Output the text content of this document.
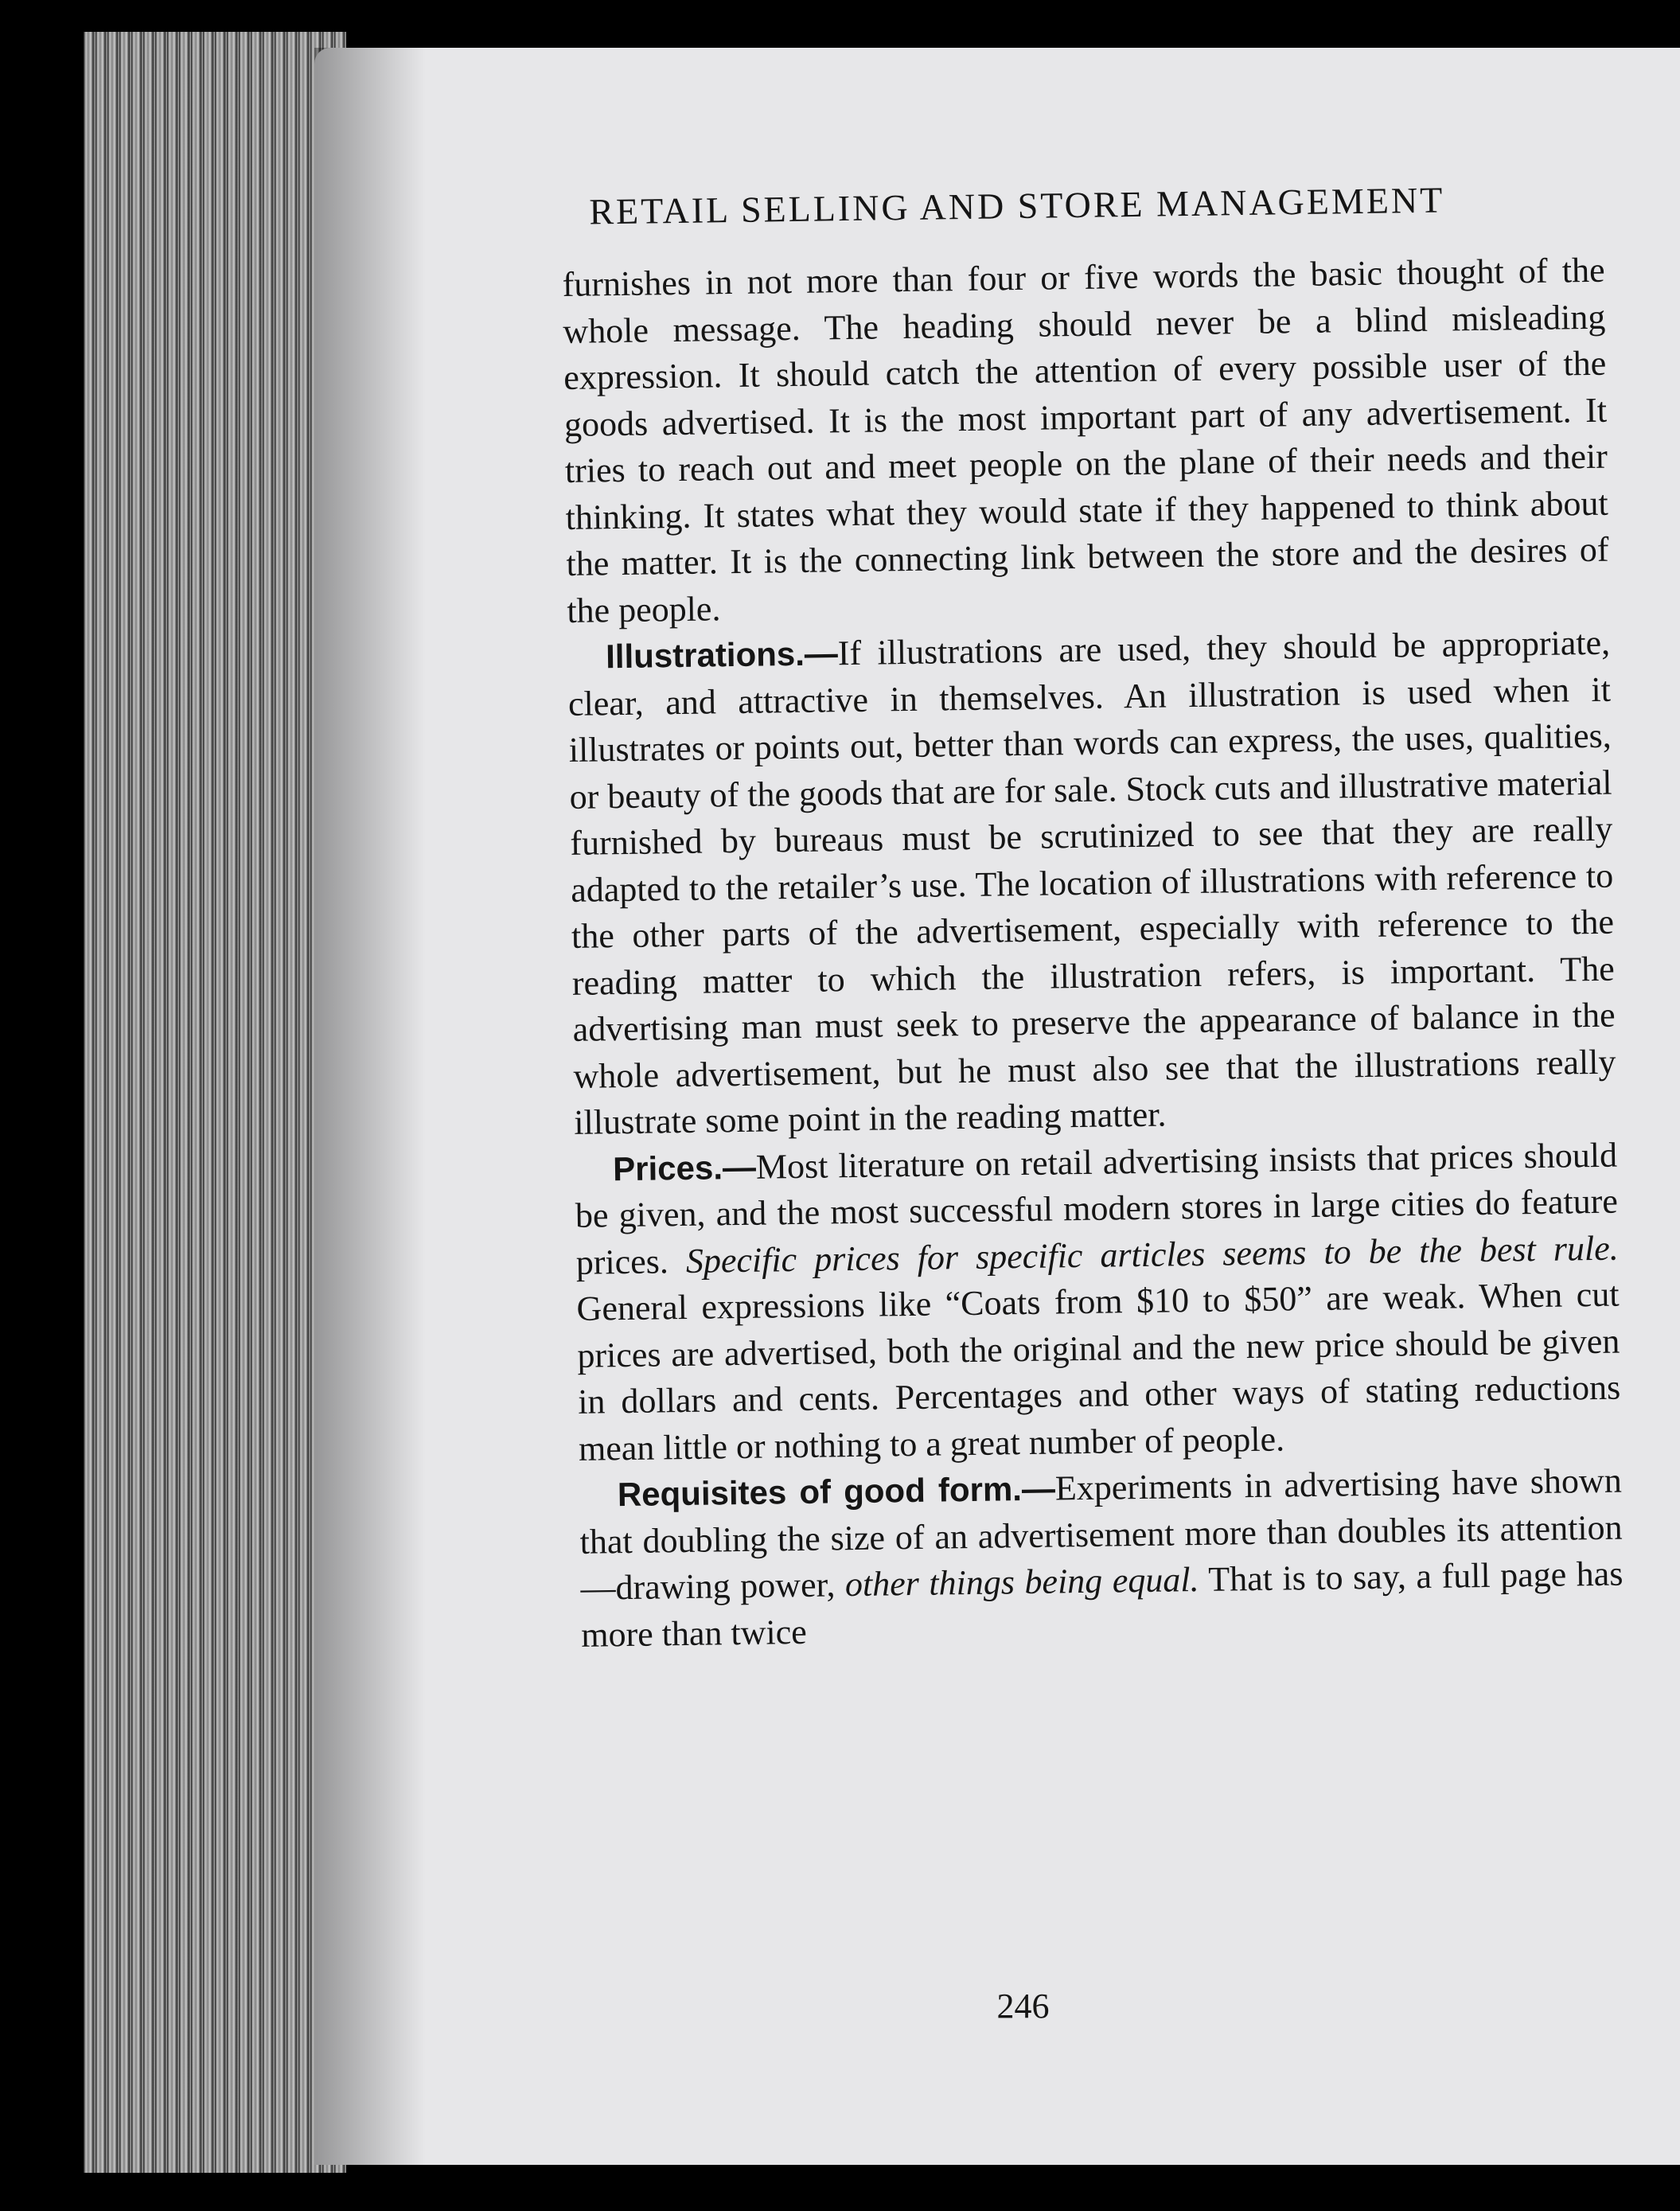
RETAIL SELLING AND STORE MANAGEMENT

furnishes in not more than four or five words the basic thought of the whole message. The heading should never be a blind misleading expression. It should catch the attention of every possible user of the goods advertised. It is the most important part of any advertisement. It tries to reach out and meet people on the plane of their needs and their thinking. It states what they would state if they happened to think about the matter. It is the connecting link between the store and the desires of the people.

Illustrations.—If illustrations are used, they should be appropriate, clear, and attractive in themselves. An illustration is used when it illustrates or points out, better than words can express, the uses, qualities, or beauty of the goods that are for sale. Stock cuts and illustrative material furnished by bureaus must be scrutinized to see that they are really adapted to the retailer’s use. The location of illustrations with reference to the other parts of the advertisement, especially with reference to the reading matter to which the illustration refers, is important. The advertising man must seek to preserve the appearance of balance in the whole advertisement, but he must also see that the illustrations really illustrate some point in the reading matter.

Prices.—Most literature on retail advertising insists that prices should be given, and the most successful modern stores in large cities do feature prices. Specific prices for specific articles seems to be the best rule. General expressions like “Coats from $10 to $50” are weak. When cut prices are advertised, both the original and the new price should be given in dollars and cents. Percentages and other ways of stating reductions mean little or nothing to a great number of people.

Requisites of good form.—Experiments in advertising have shown that doubling the size of an advertisement more than doubles its attention—drawing power, other things being equal. That is to say, a full page has more than twice

246
